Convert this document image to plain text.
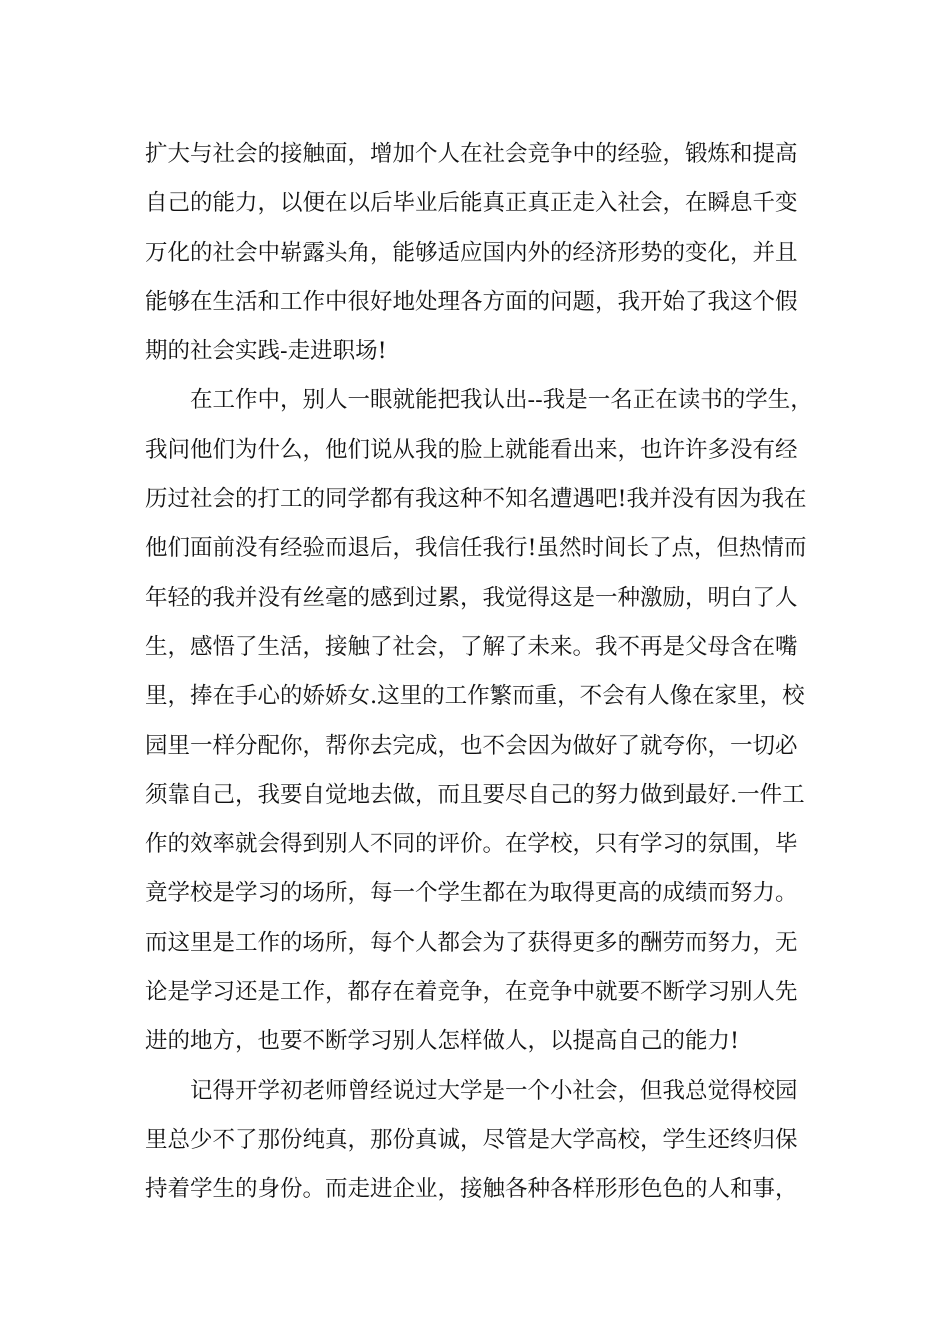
扩大与社会的接触面，增加个人在社会竞争中的经验，锻炼和提高
自己的能力，以便在以后毕业后能真正真正走入社会，在瞬息千变
万化的社会中崭露头角，能够适应国内外的经济形势的变化，并且
能够在生活和工作中很好地处理各方面的问题，我开始了我这个假
期的社会实践-走进职场!
在工作中，别人一眼就能把我认出--我是一名正在读书的学生，
我问他们为什么，他们说从我的脸上就能看出来，也许许多没有经
历过社会的打工的同学都有我这种不知名遭遇吧!我并没有因为我在
他们面前没有经验而退后，我信任我行!虽然时间长了点，但热情而
年轻的我并没有丝毫的感到过累，我觉得这是一种激励，明白了人
生，感悟了生活，接触了社会，了解了未来。我不再是父母含在嘴
里，捧在手心的娇娇女.这里的工作繁而重，不会有人像在家里，校
园里一样分配你，帮你去完成，也不会因为做好了就夸你，一切必
须靠自己，我要自觉地去做，而且要尽自己的努力做到最好.一件工
作的效率就会得到别人不同的评价。在学校，只有学习的氛围，毕
竟学校是学习的场所，每一个学生都在为取得更高的成绩而努力。
而这里是工作的场所，每个人都会为了获得更多的酬劳而努力，无
论是学习还是工作，都存在着竞争，在竞争中就要不断学习别人先
进的地方，也要不断学习别人怎样做人，以提高自己的能力!
记得开学初老师曾经说过大学是一个小社会，但我总觉得校园
里总少不了那份纯真，那份真诚，尽管是大学高校，学生还终归保
持着学生的身份。而走进企业，接触各种各样形形色色的人和事，
